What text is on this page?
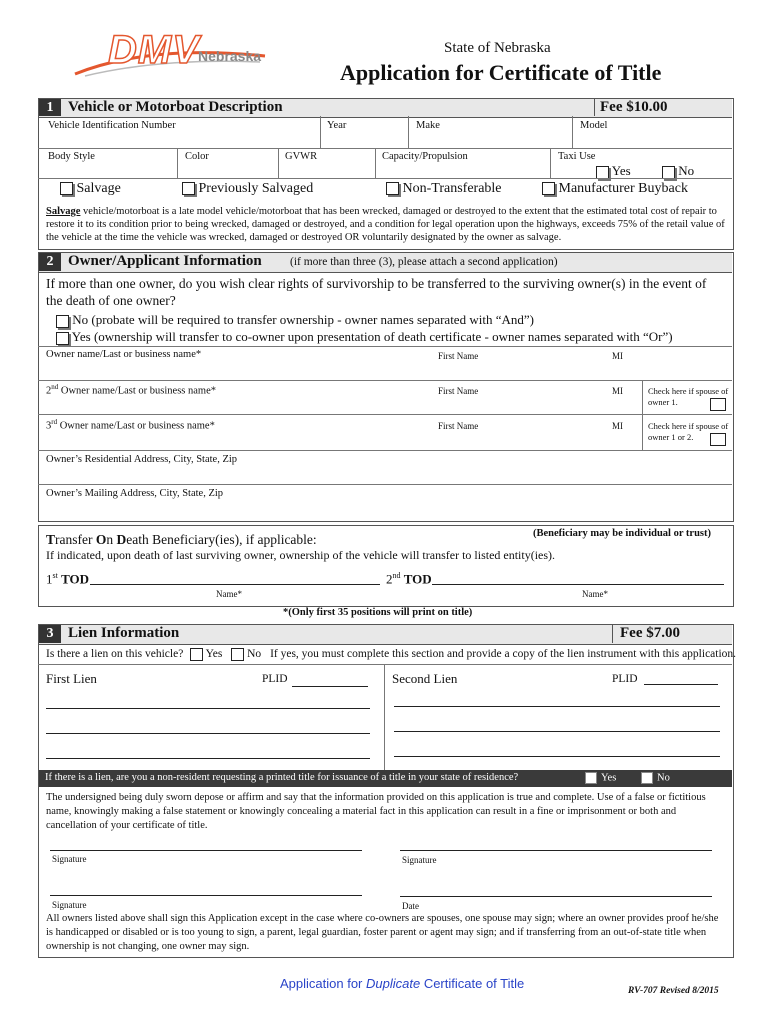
DMV
Nebraska	State of Nebraska
Application for Certificate of Title
1 Vehicle or Motorboat Description	Fee $10.00
Vehicle Identification Number	Year	Make	Model
Body Style	Color	GVWR	Capacity/Propulsion	Taxi Use
Yes	No
Salvage	Previously Salvaged	Non-Transferable	Manufacturer Buyback
Salvage vehicle/motorboat is a late model vehicle/motorboat that has been wrecked, damaged or destroyed to the extent that the estimated total cost of repair to restore it to its condition prior to being wrecked, damaged or destroyed, and a condition for legal operation upon the highways, exceeds 75% of the retail value of the vehicle at the time the vehicle was wrecked, damaged or destroyed OR voluntarily designated by the owner as salvage.
2 Owner/Applicant Information (if more than three (3), please attach a second application)
If more than one owner, do you wish clear rights of survivorship to be transferred to the surviving owner(s) in the event of the death of one owner?
No (probate will be required to transfer ownership - owner names separated with “And”)
Yes (ownership will transfer to co-owner upon presentation of death certificate - owner names separated with “Or”)
Owner name/Last or business name*	First Name	MI
2nd Owner name/Last or business name*	First Name	MI	Check here if spouse of owner 1.
3rd Owner name/Last or business name*	First Name	MI	Check here if spouse of owner 1 or 2.
Owner’s Residential Address, City, State, Zip
Owner’s Mailing Address, City, State, Zip
Transfer On Death Beneficiary(ies), if applicable:	(Beneficiary may be individual or trust)
If indicated, upon death of last surviving owner, ownership of the vehicle will transfer to listed entity(ies).
1st TOD
Name*
2nd TOD
Name*
*(Only first 35 positions will print on title)
3 Lien Information	Fee $7.00
Is there a lien on this vehicle? Yes No If yes, you must complete this section and provide a copy of the lien instrument with this application.
First Lien	PLID	Second Lien	PLID
If there is a lien, are you a non-resident requesting a printed title for issuance of a title in your state of residence?	Yes	No
The undersigned being duly sworn depose or affirm and say that the information provided on this application is true and complete. Use of a false or fictitious name, knowingly making a false statement or knowingly concealing a material fact in this application can result in a fine or imprisonment or both and cancellation of your certificate of title.
Signature	Signature
Signature	Date
All owners listed above shall sign this Application except in the case where co-owners are spouses, one spouse may sign; where an owner provides proof he/she is handicapped or disabled or is too young to sign, a parent, legal guardian, foster parent or agent may sign; and if transferring from an out-of-state title when ownership is not changing, one owner may sign.
Application for Duplicate Certificate of Title	RV-707 Revised 8/2015
